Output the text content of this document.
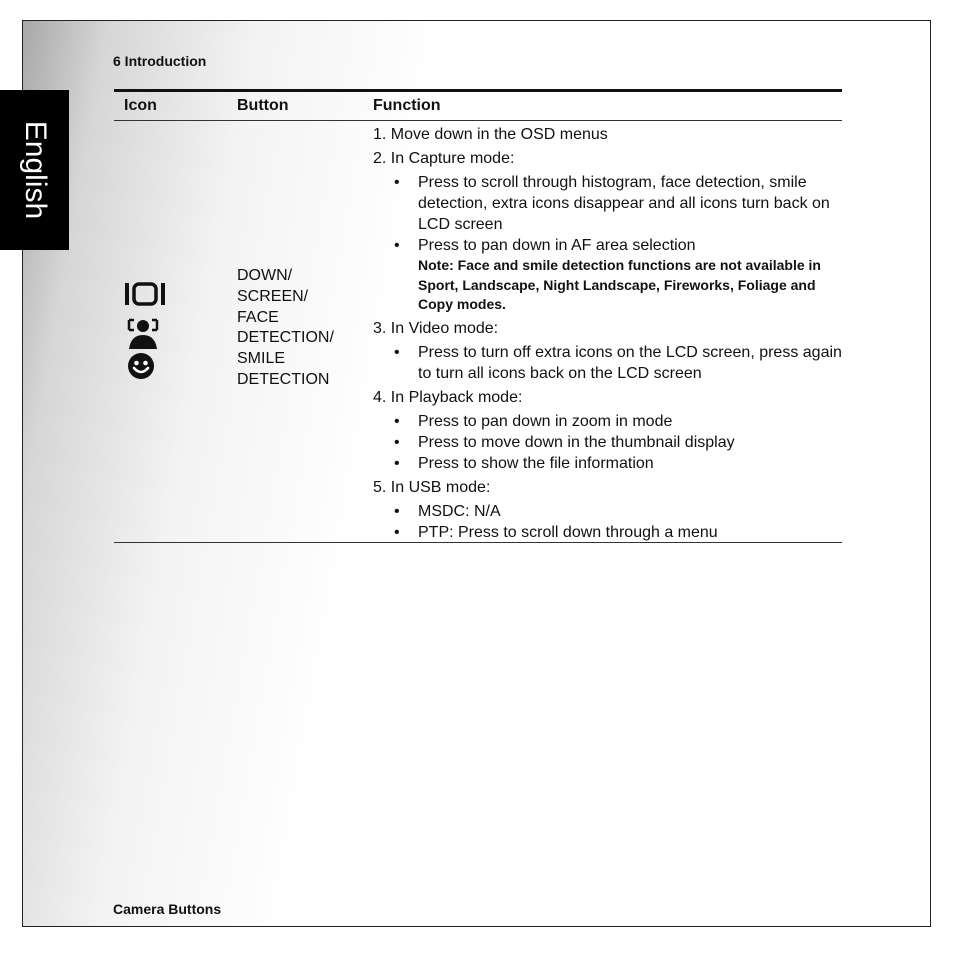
English
6 Introduction
Icon	Button	Function
DOWN/
SCREEN/
FACE
DETECTION/
SMILE
DETECTION
1. Move down in the OSD menus
2. In Capture mode:
• Press to scroll through histogram, face detection, smile detection, extra icons disappear and all icons turn back on LCD screen
• Press to pan down in AF area selection
Note: Face and smile detection functions are not available in Sport, Landscape, Night Landscape, Fireworks, Foliage and Copy modes.
3. In Video mode:
• Press to turn off extra icons on the LCD screen, press again to turn all icons back on the LCD screen
4. In Playback mode:
• Press to pan down in zoom in mode
• Press to move down in the thumbnail display
• Press to show the file information
5. In USB mode:
• MSDC: N/A
• PTP: Press to scroll down through a menu
Camera Buttons
